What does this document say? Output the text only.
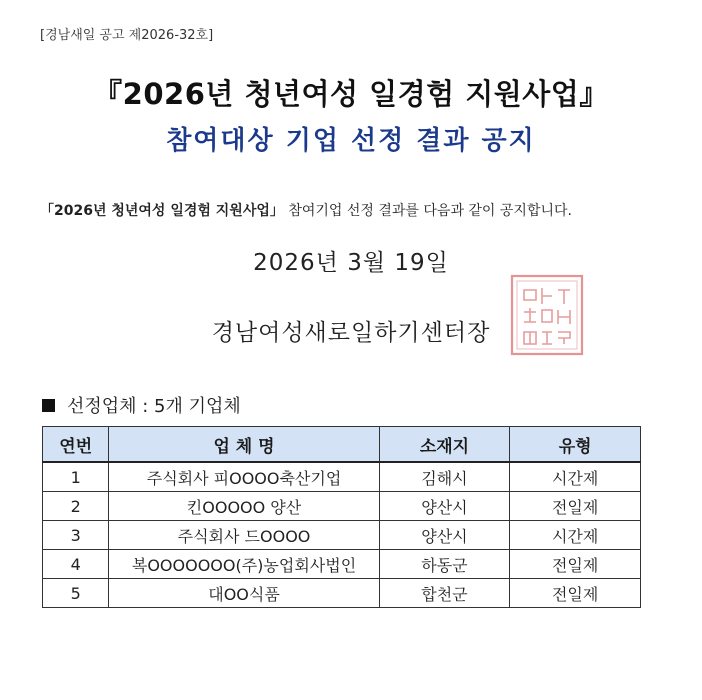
[경남새일 공고 제2026-32호]
『2026년 청년여성 일경험 지원사업』
참여대상 기업 선정 결과 공지
「2026년 청년여성 일경험 지원사업」 참여기업 선정 결과를 다음과 같이 공지합니다.
2026년 3월 19일
경남여성새로일하기센터장
선정업체 : 5개 기업체
연번	업 체 명	소재지	유형
1	주식회사 피OOOO축산기업	김해시	시간제
2	킨OOOOO 양산	양산시	전일제
3	주식회사 드OOOO	양산시	시간제
4	복OOOOOOO(주)농업회사법인	하동군	전일제
5	대OO식품	합천군	전일제
